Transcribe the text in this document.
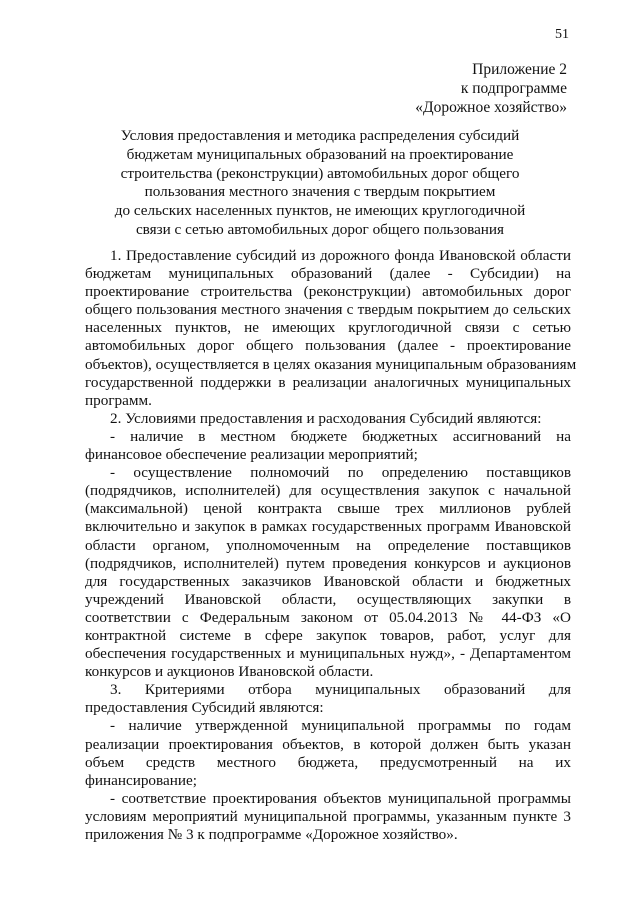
51
Приложение 2
к подпрограмме
«Дорожное хозяйство»
Условия предоставления и методика распределения субсидий
бюджетам муниципальных образований на проектирование
строительства (реконструкции) автомобильных дорог общего
пользования местного значения с твердым покрытием
до сельских населенных пунктов, не имеющих круглогодичной
связи с сетью автомобильных дорог общего пользования
1. Предоставление субсидий из дорожного фонда Ивановской области
бюджетам муниципальных образований (далее - Субсидии) на
проектирование строительства (реконструкции) автомобильных дорог
общего пользования местного значения с твердым покрытием до сельских
населенных пунктов, не имеющих круглогодичной связи с сетью
автомобильных дорог общего пользования (далее - проектирование
объектов), осуществляется в целях оказания муниципальным образованиям
государственной поддержки в реализации аналогичных муниципальных
программ.
2. Условиями предоставления и расходования Субсидий являются:
- наличие в местном бюджете бюджетных ассигнований на
финансовое обеспечение реализации мероприятий;
- осуществление полномочий по определению поставщиков
(подрядчиков, исполнителей) для осуществления закупок с начальной
(максимальной) ценой контракта свыше трех миллионов рублей
включительно и закупок в рамках государственных программ Ивановской
области органом, уполномоченным на определение поставщиков
(подрядчиков, исполнителей) путем проведения конкурсов и аукционов
для государственных заказчиков Ивановской области и бюджетных
учреждений Ивановской области, осуществляющих закупки в
соответствии с Федеральным законом от 05.04.2013 № 44-ФЗ «О
контрактной системе в сфере закупок товаров, работ, услуг для
обеспечения государственных и муниципальных нужд», - Департаментом
конкурсов и аукционов Ивановской области.
3. Критериями отбора муниципальных образований для
предоставления Субсидий являются:
- наличие утвержденной муниципальной программы по годам
реализации проектирования объектов, в которой должен быть указан
объем средств местного бюджета, предусмотренный на их
финансирование;
- соответствие проектирования объектов муниципальной программы
условиям мероприятий муниципальной программы, указанным пункте 3
приложения № 3 к подпрограмме «Дорожное хозяйство».
